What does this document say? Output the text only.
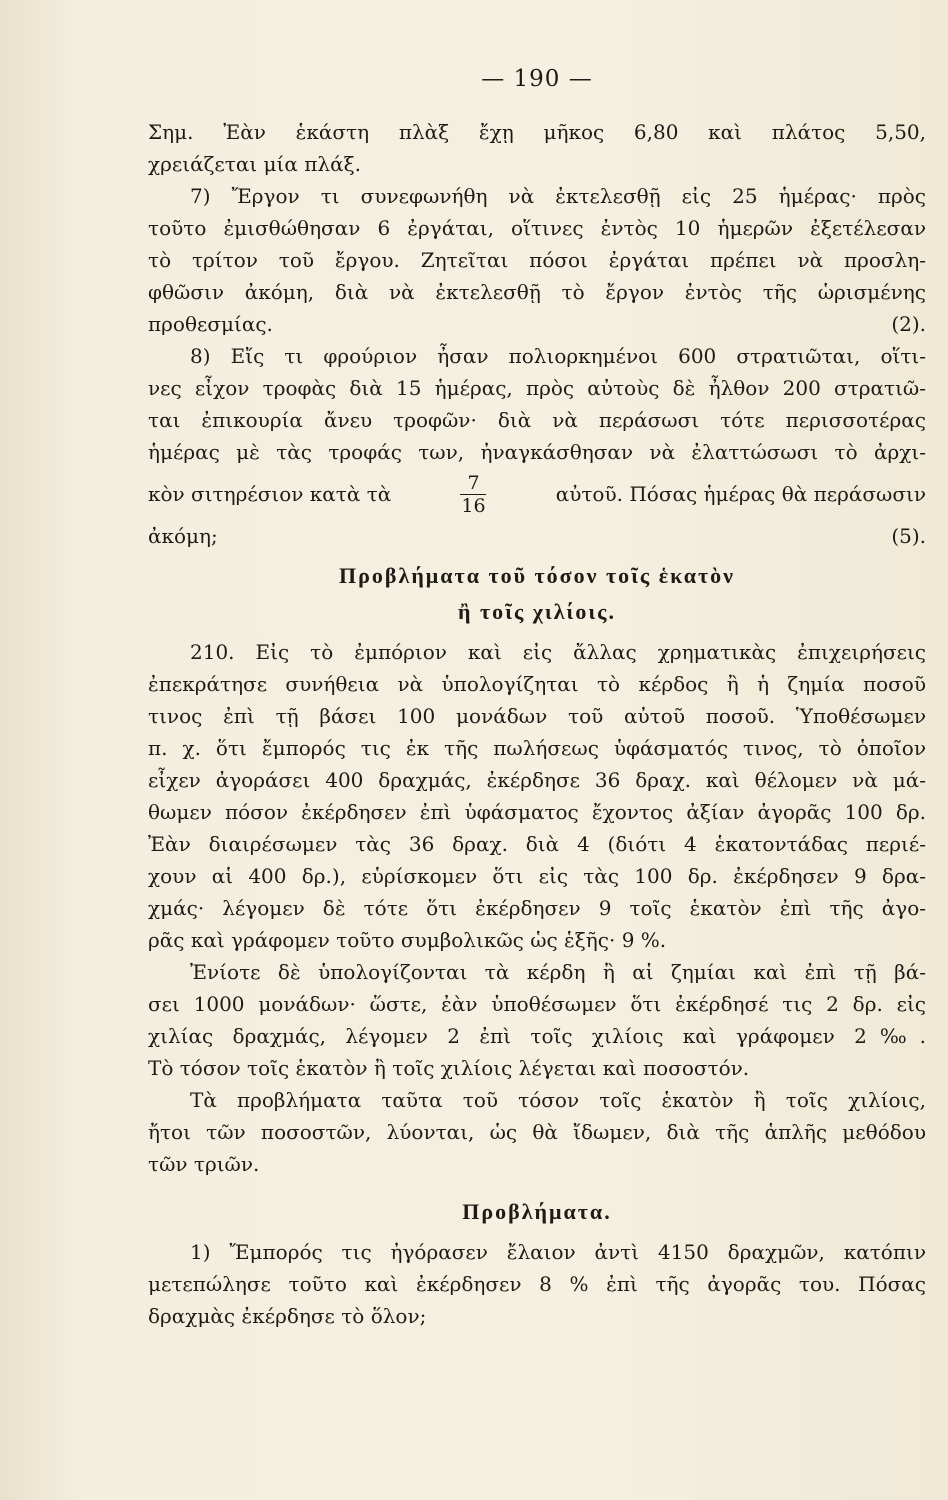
— 190 —
Σημ. Ἐὰν ἑκάστη πλὰξ ἔχῃ μῆκος 6,80 καὶ πλάτος 5,50,
χρειάζεται μία πλάξ.
7) Ἔργον τι συνεφωνήθη νὰ ἐκτελεσθῇ εἰς 25 ἡμέρας· πρὸς
τοῦτο ἐμισθώθησαν 6 ἐργάται, οἵτινες ἐντὸς 10 ἡμερῶν ἐξετέλεσαν
τὸ τρίτον τοῦ ἔργου. Ζητεῖται πόσοι ἐργάται πρέπει νὰ προσλη-
φθῶσιν ἀκόμη, διὰ νὰ ἐκτελεσθῇ τὸ ἔργον ἐντὸς τῆς ὡρισμένης
προθεσμίας.	(2).
8) Εἴς τι φρούριον ἦσαν πολιορκημένοι 600 στρατιῶται, οἵτι-
νες εἶχον τροφὰς διὰ 15 ἡμέρας, πρὸς αὐτοὺς δὲ ἦλθον 200 στρατιῶ-
ται ἐπικουρία ἄνευ τροφῶν· διὰ νὰ περάσωσι τότε περισσοτέρας
ἡμέρας μὲ τὰς τροφάς των, ἠναγκάσθησαν νὰ ἐλαττώσωσι τὸ ἀρχι-
κὸν σιτηρέσιον κατὰ τὰ	$\frac{7}{16}$	αὐτοῦ. Πόσας ἡμέρας θὰ περάσωσιν
ἀκόμη;	(5).
Προβλήματα τοῦ τόσον τοῖς ἑκατὸν
ἢ τοῖς χιλίοις.
210. Εἰς τὸ ἐμπόριον καὶ εἰς ἄλλας χρηματικὰς ἐπιχειρήσεις
ἐπεκράτησε συνήθεια νὰ ὑπολογίζηται τὸ κέρδος ἢ ἡ ζημία ποσοῦ
τινος ἐπὶ τῇ βάσει 100 μονάδων τοῦ αὐτοῦ ποσοῦ. Ὑποθέσωμεν
π. χ. ὅτι ἔμπορός τις ἐκ τῆς πωλήσεως ὑφάσματός τινος, τὸ ὁποῖον
εἶχεν ἀγοράσει 400 δραχμάς, ἐκέρδησε 36 δραχ. καὶ θέλομεν νὰ μά-
θωμεν πόσον ἐκέρδησεν ἐπὶ ὑφάσματος ἔχοντος ἀξίαν ἀγορᾶς 100 δρ.
Ἐὰν διαιρέσωμεν τὰς 36 δραχ. διὰ 4 (διότι 4 ἑκατοντάδας περιέ-
χουν αἱ 400 δρ.), εὑρίσκομεν ὅτι εἰς τὰς 100 δρ. ἐκέρδησεν 9 δρα-
χμάς· λέγομεν δὲ τότε ὅτι ἐκέρδησεν 9 τοῖς ἑκατὸν ἐπὶ τῆς ἀγο-
ρᾶς καὶ γράφομεν τοῦτο συμβολικῶς ὡς ἑξῆς· 9 %.
Ἐνίοτε δὲ ὑπολογίζονται τὰ κέρδη ἢ αἱ ζημίαι καὶ ἐπὶ τῇ βά-
σει 1000 μονάδων· ὥστε, ἐὰν ὑποθέσωμεν ὅτι ἐκέρδησέ τις 2 δρ. εἰς
χιλίας δραχμάς, λέγομεν 2 ἐπὶ τοῖς χιλίοις καὶ γράφομεν 2‰.
Τὸ τόσον τοῖς ἑκατὸν ἢ τοῖς χιλίοις λέγεται καὶ ποσοστόν.
Τὰ προβλήματα ταῦτα τοῦ τόσον τοῖς ἑκατὸν ἢ τοῖς χιλίοις,
ἤτοι τῶν ποσοστῶν, λύονται, ὡς θὰ ἴδωμεν, διὰ τῆς ἁπλῆς μεθόδου
τῶν τριῶν.
Προβλήματα.
1) Ἔμπορός τις ἠγόρασεν ἔλαιον ἀντὶ 4150 δραχμῶν, κατόπιν
μετεπώλησε τοῦτο καὶ ἐκέρδησεν 8 % ἐπὶ τῆς ἀγορᾶς του. Πόσας
δραχμὰς ἐκέρδησε τὸ ὅλον;
